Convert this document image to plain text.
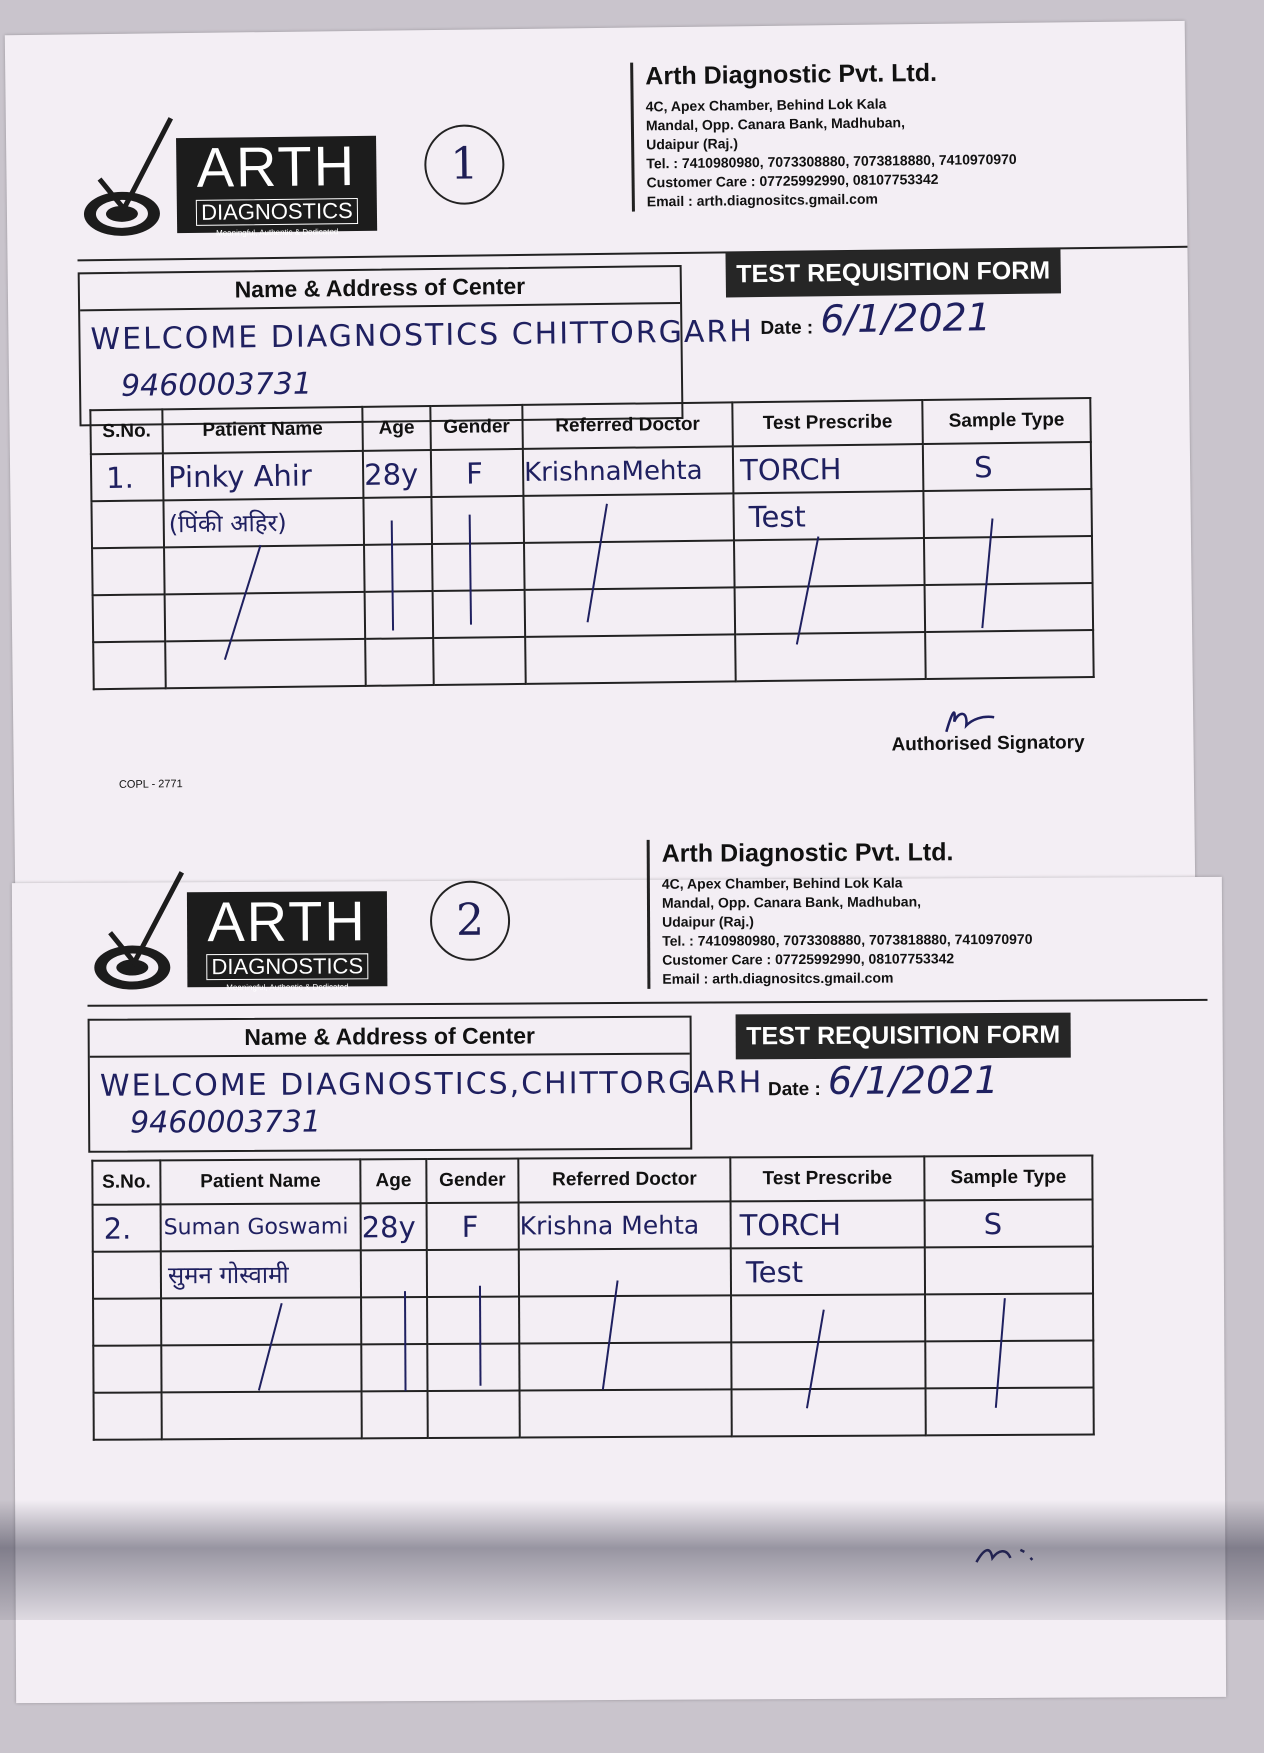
ARTH
DIAGNOSTICS
Meaningful, Authentic & Dedicated
1
Arth Diagnostic Pvt. Ltd.
4C, Apex Chamber, Behind Lok Kala
Mandal, Opp. Canara Bank, Madhuban,
Udaipur (Raj.)
Tel. : 7410980980, 7073308880, 7073818880, 7410970970
Customer Care : 07725992990, 08107753342
Email : arth.diagnositcs.gmail.com
Name & Address of Center
WELCOME DIAGNOSTICS CHITTORGARH
9460003731
TEST REQUISITION FORM
Date : 6/1/2021
S.No.	Patient Name	Age	Gender	Referred Doctor	Test Prescribe	Sample Type

1.	Pinky Ahir	28y	F	KrishnaMehta	TORCH	S

	(पिंकी अहिर)				Test	

Authorised Signatory
COPL - 2771
ARTH
DIAGNOSTICS
Meaningful, Authentic & Dedicated
2
Arth Diagnostic Pvt. Ltd.
4C, Apex Chamber, Behind Lok Kala
Mandal, Opp. Canara Bank, Madhuban,
Udaipur (Raj.)
Tel. : 7410980980, 7073308880, 7073818880, 7410970970
Customer Care : 07725992990, 08107753342
Email : arth.diagnositcs.gmail.com
Name & Address of Center
WELCOME DIAGNOSTICS,CHITTORGARH
9460003731
TEST REQUISITION FORM
Date : 6/1/2021
S.No.	Patient Name	Age	Gender	Referred Doctor	Test Prescribe	Sample Type

2.	Suman Goswami	28y	F	Krishna Mehta	TORCH	S

	सुमन गोस्वामी				Test	
